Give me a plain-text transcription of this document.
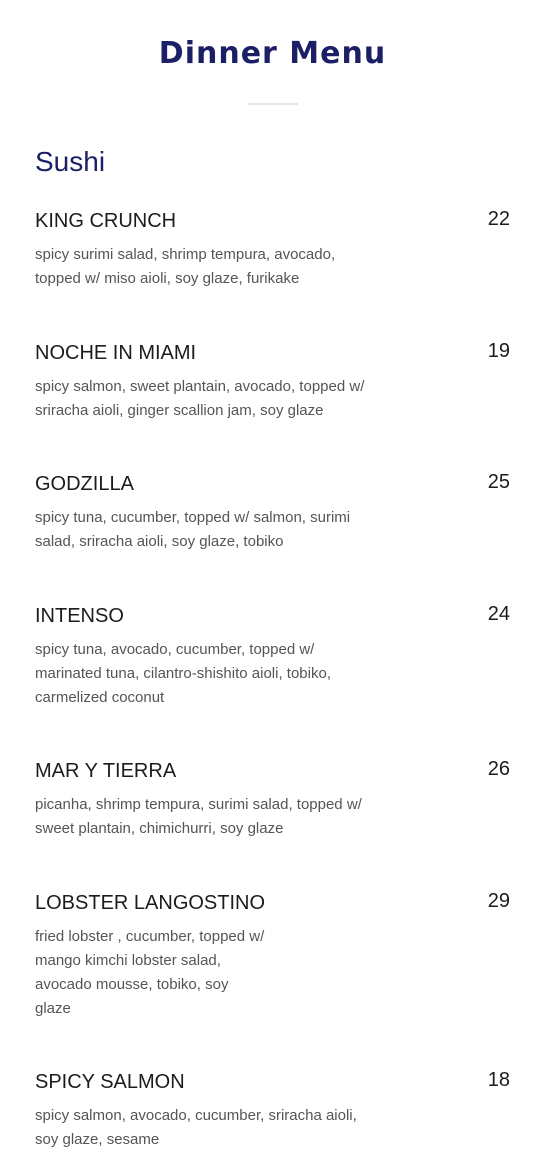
Dinner Menu
Sushi
KING CRUNCH	22
spicy surimi salad, shrimp tempura, avocado, topped w/ miso aioli, soy glaze, furikake
NOCHE IN MIAMI	19
spicy salmon, sweet plantain, avocado, topped w/ sriracha aioli, ginger scallion jam, soy glaze
GODZILLA	25
spicy tuna, cucumber, topped w/ salmon, surimi salad, sriracha aioli, soy glaze, tobiko
INTENSO	24
spicy tuna, avocado, cucumber, topped w/ marinated tuna, cilantro-shishito aioli, tobiko, carmelized coconut
MAR Y TIERRA	26
picanha, shrimp tempura, surimi salad, topped w/ sweet plantain, chimichurri, soy glaze
LOBSTER LANGOSTINO	29
fried lobster , cucumber, topped w/ mango kimchi lobster salad, avocado mousse, tobiko, soy glaze
SPICY SALMON	18
spicy salmon, avocado, cucumber, sriracha aioli, soy glaze, sesame
